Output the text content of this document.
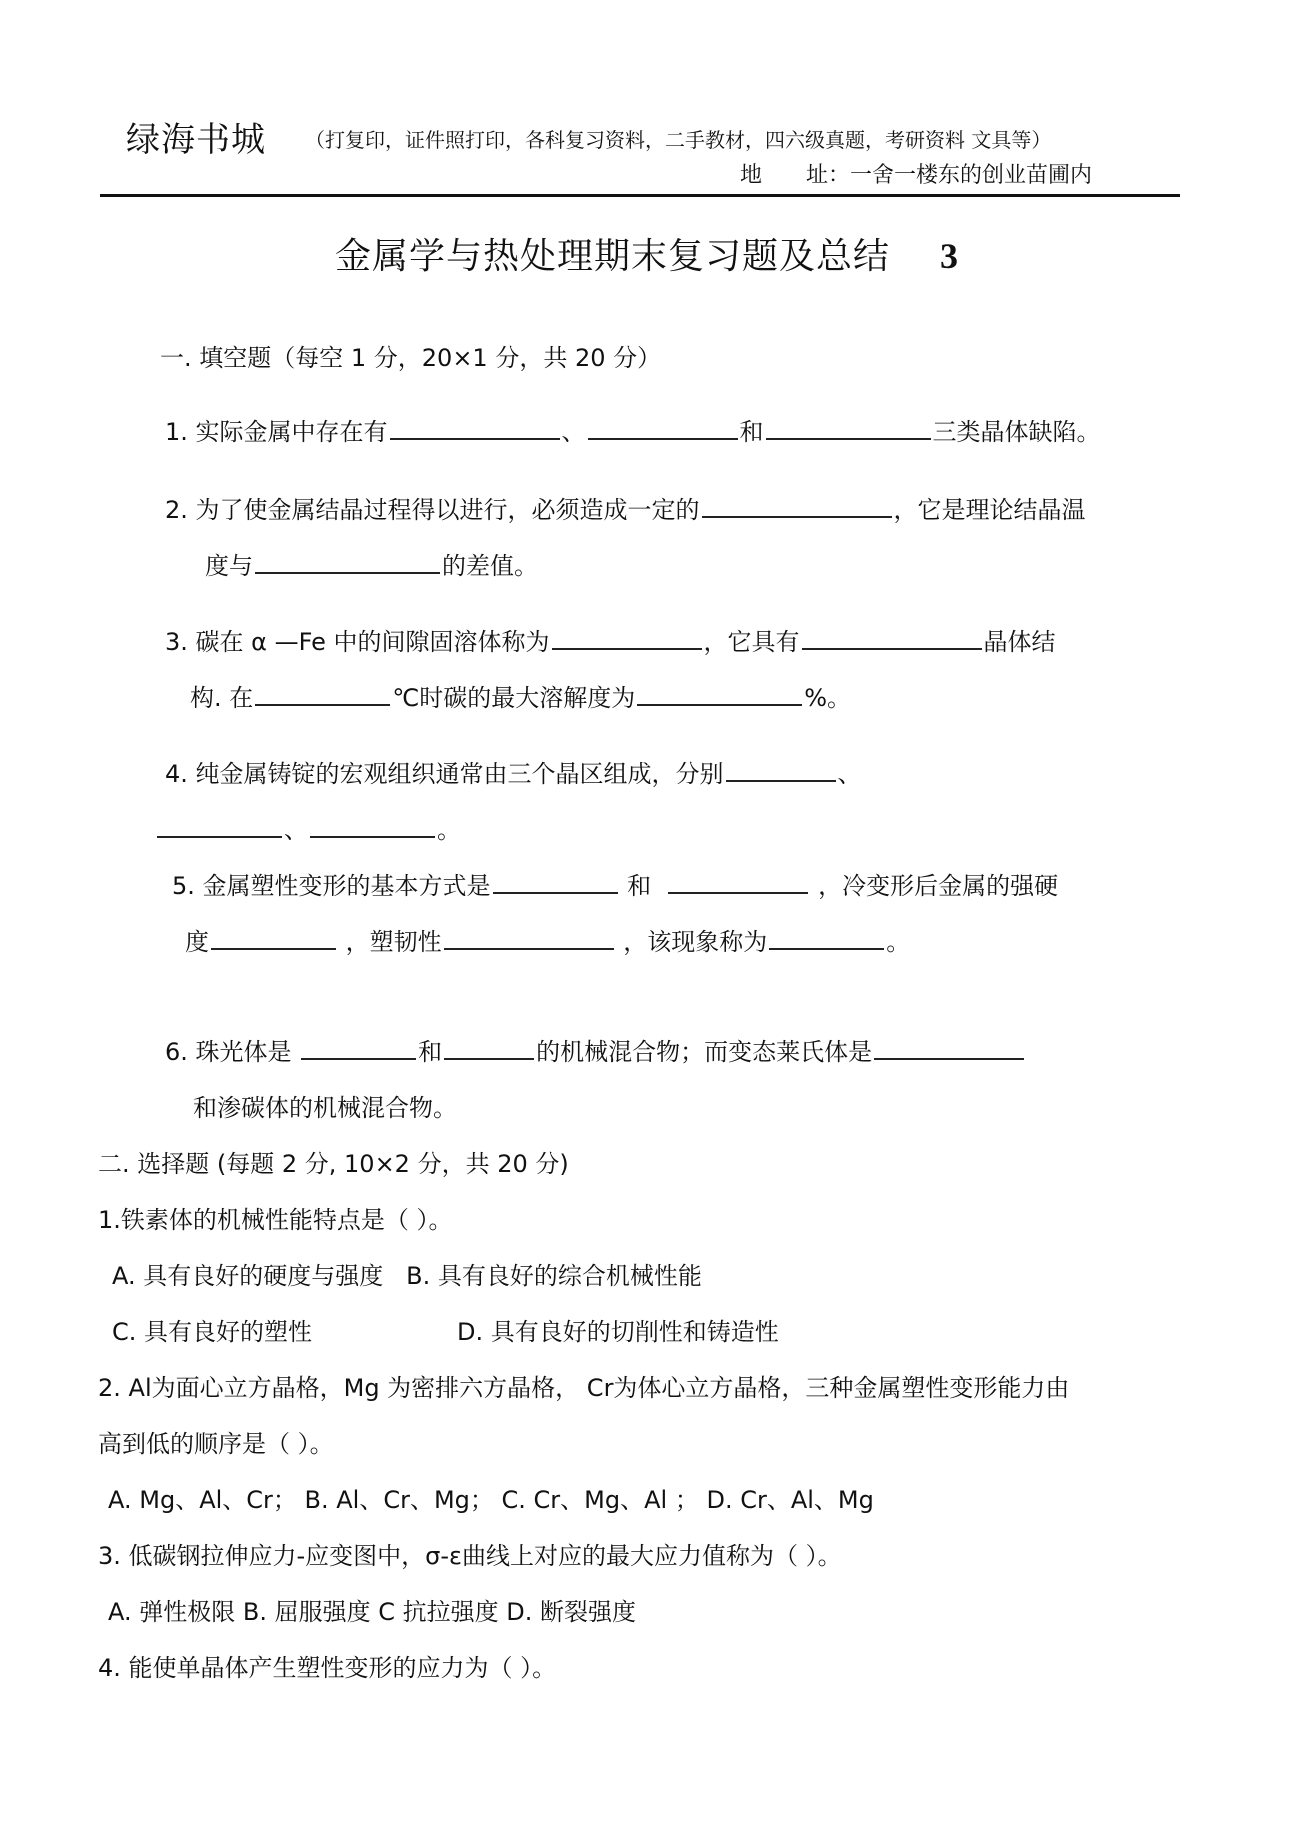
绿海书城 （打复印，证件照打印，各科复习资料，二手教材，四六级真题，考研资料 文具等）
地 址：一舍一楼东的创业苗圃内
金属学与热处理期末复习题及总结 3
一. 填空题（每空 1 分，20×1 分，共 20 分）
1. 实际金属中存在有	、	和	三类晶体缺陷。
2. 为了使金属结晶过程得以进行，必须造成一定的	，它是理论结晶温
度与	的差值。
3. 碳在 α —Fe 中的间隙固溶体称为	，它具有	晶体结
构. 在	℃时碳的最大溶解度为	%。
4. 纯金属铸锭的宏观组织通常由三个晶区组成，分别	、
、	。
5. 金属塑性变形的基本方式是	和	，冷变形后金属的强硬
度	，塑韧性	，该现象称为	。
6. 珠光体是	和	的机械混合物；而变态莱氏体是
和渗碳体的机械混合物。
二. 选择题 (每题 2 分, 10×2 分，共 20 分)
1.铁素体的机械性能特点是（ ）。
A. 具有良好的硬度与强度 B. 具有良好的综合机械性能
C. 具有良好的塑性	D. 具有良好的切削性和铸造性
2. Al为面心立方晶格，Mg 为密排六方晶格， Cr为体心立方晶格，三种金属塑性变形能力由
高到低的顺序是（ ）。
A. Mg、Al、Cr； B. Al、Cr、Mg； C. Cr、Mg、Al ； D. Cr、Al、Mg
3. 低碳钢拉伸应力-应变图中，σ-ε曲线上对应的最大应力值称为（ ）。
A. 弹性极限 B. 屈服强度 C 抗拉强度 D. 断裂强度
4. 能使单晶体产生塑性变形的应力为（ ）。
